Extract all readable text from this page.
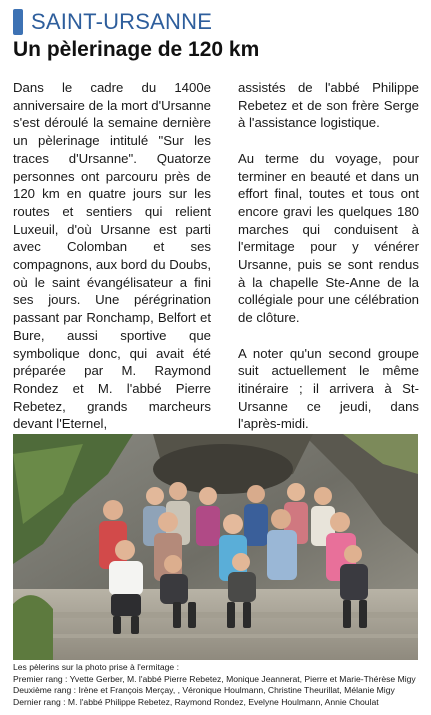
SAINT-URSANNE
Un pèlerinage de 120 km

Dans le cadre du 1400e anniversaire de la mort d'Ursanne s'est déroulé la semaine dernière un pèlerinage intitulé "Sur les traces d'Ursanne". Quatorze personnes ont parcouru près de 120 km en quatre jours sur les routes et sentiers qui relient Luxeuil, d'où Ursanne est parti avec Colomban et ses compagnons, aux bord du Doubs, où le saint évangélisateur a fini ses jours. Une pérégrination passant par Ronchamp, Belfort et Bure, aussi sportive que symbolique donc, qui avait été préparée par M. Raymond Rondez et M. l'abbé Pierre Rebetez, grands marcheurs devant l'Eternel,

assistés de l'abbé Philippe Rebetez et de son frère Serge à l'assistance logistique.

Au terme du voyage, pour terminer en beauté et dans un effort final, toutes et tous ont encore gravi les quelques 180 marches qui conduisent à l'ermitage pour y vénérer Ursanne, puis se sont rendus à la chapelle Ste-Anne de la collégiale pour une célébration de clôture.

A noter qu'un second groupe suit actuellement le même itinéraire ; il arrivera à St-Ursanne ce jeudi, dans l'après-midi.

Les pèlerins sur la photo prise à l'ermitage :
Premier rang : Yvette Gerber, M. l'abbé Pierre Rebetez, Monique Jeannerat, Pierre et Marie-Thérèse Migy
Deuxième rang : Irène et François Merçay, , Véronique Houlmann, Christine Theurillat, Mélanie Migy
Dernier rang : M. l'abbé Philippe Rebetez, Raymond Rondez, Evelyne Houlmann, Annie Choulat
